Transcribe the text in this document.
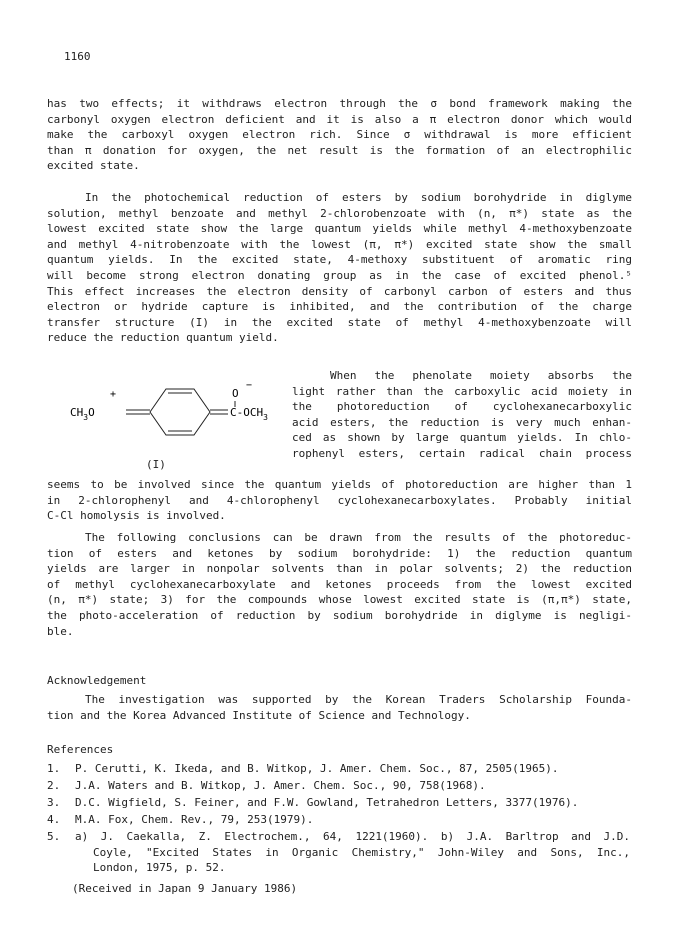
1160
has two effects; it withdraws electron through the σ bond framework making the
carbonyl oxygen electron deficient and it is also a π electron donor which would
make the carboxyl oxygen electron rich. Since σ withdrawal is more efficient
than π donation for oxygen, the net result is the formation of an electrophilic
excited state.
In the photochemical reduction of esters by sodium borohydride in diglyme
solution, methyl benzoate and methyl 2-chlorobenzoate with (n, π*) state as the
lowest excited state show the large quantum yields while methyl 4-methoxybenzoate
and methyl 4-nitrobenzoate with the lowest (π, π*) excited state show the small
quantum yields. In the excited state, 4-methoxy substituent of aromatic ring
will become strong electron donating group as in the case of excited phenol.⁵
This effect increases the electron density of carbonyl carbon of esters and thus
electron or hydride capture is inhibited, and the contribution of the charge
transfer structure (I) in the excited state of methyl 4-methoxybenzoate will
reduce the reduction quantum yield.
+
$CH_3O$
O
−
$C-OCH_3$
(I)
When the phenolate moiety absorbs the
light rather than the carboxylic acid moiety in
the photoreduction of cyclohexanecarboxylic
acid esters, the reduction is very much enhan-
ced as shown by large quantum yields. In chlo-
rophenyl esters, certain radical chain process
seems to be involved since the quantum yields of photoreduction are higher than 1
in 2-chlorophenyl and 4-chlorophenyl cyclohexanecarboxylates. Probably initial
C-Cl homolysis is involved.
The following conclusions can be drawn from the results of the photoreduc-
tion of esters and ketones by sodium borohydride: 1) the reduction quantum
yields are larger in nonpolar solvents than in polar solvents; 2) the reduction
of methyl cyclohexanecarboxylate and ketones proceeds from the lowest excited
(n, π*) state; 3) for the compounds whose lowest excited state is (π,π*) state,
the photo-acceleration of reduction by sodium borohydride in diglyme is negligi-
ble.
Acknowledgement
The investigation was supported by the Korean Traders Scholarship Founda-
tion and the Korea Advanced Institute of Science and Technology.
References
1. P. Cerutti, K. Ikeda, and B. Witkop, J. Amer. Chem. Soc., 87, 2505(1965).
2. J.A. Waters and B. Witkop, J. Amer. Chem. Soc., 90, 758(1968).
3. D.C. Wigfield, S. Feiner, and F.W. Gowland, Tetrahedron Letters, 3377(1976).
4. M.A. Fox, Chem. Rev., 79, 253(1979).
5. a) J. Caekalla, Z. Electrochem., 64, 1221(1960). b) J.A. Barltrop and J.D.
Coyle, "Excited States in Organic Chemistry," John-Wiley and Sons, Inc.,
London, 1975, p. 52.
(Received in Japan 9 January 1986)
